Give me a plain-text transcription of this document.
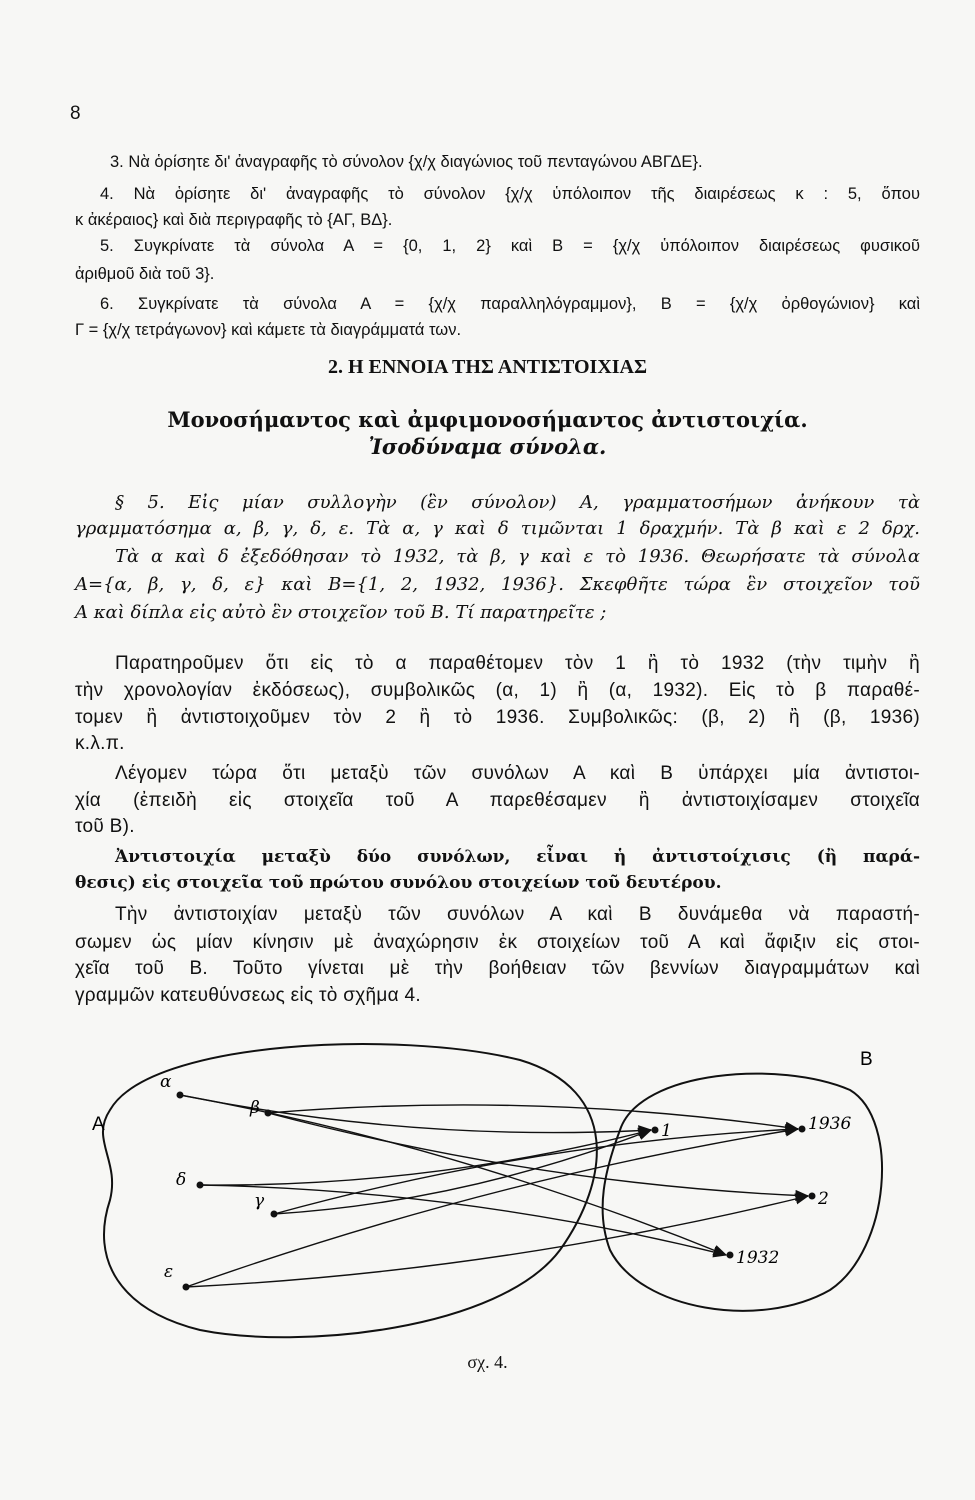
8
3. Νὰ ὁρίσητε δι' ἀναγραφῆς τὸ σύνολον {χ/χ διαγώνιος τοῦ πενταγώνου ΑΒΓΔΕ}.
4. Νὰ ὁρίσητε δι' ἀναγραφῆς τὸ σύνολον {χ/χ ὑπόλοιπον τῆς διαιρέσεως κ : 5, ὅπου
κ ἀκέραιος} καὶ διὰ περιγραφῆς τὸ {ΑΓ, ΒΔ}.
5. Συγκρίνατε τὰ σύνολα Α = {0, 1, 2} καὶ Β = {χ/χ ὑπόλοιπον διαιρέσεως φυσικοῦ
ἀριθμοῦ διὰ τοῦ 3}.
6. Συγκρίνατε τὰ σύνολα Α = {χ/χ παραλληλόγραμμον}, Β = {χ/χ ὀρθογώνιον} καὶ
Γ = {χ/χ τετράγωνον} καὶ κάμετε τὰ διαγράμματά των.
2. Η ΕΝΝΟΙΑ ΤΗΣ ΑΝΤΙΣΤΟΙΧΙΑΣ
Μονοσήμαντος καὶ ἀμφιμονοσήμαντος ἀντιστοιχία.
Ἰσοδύναμα σύνολα.
§ 5. Εἰς μίαν συλλογὴν (ἓν σύνολον) Α, γραμματοσήμων ἀνήκουν τὰ
γραμματόσημα α, β, γ, δ, ε. Τὰ α, γ καὶ δ τιμῶνται 1 δραχμήν. Τὰ β καὶ ε 2 δρχ.
Τὰ α καὶ δ ἐξεδόθησαν τὸ 1932, τὰ β, γ καὶ ε τὸ 1936. Θεωρήσατε τὰ σύνολα
Α={α, β, γ, δ, ε} καὶ Β={1, 2, 1932, 1936}. Σκεφθῆτε τώρα ἓν στοιχεῖον τοῦ
Α καὶ δίπλα εἰς αὐτὸ ἓν στοιχεῖον τοῦ Β. Τί παρατηρεῖτε ;
Παρατηροῦμεν ὅτι εἰς τὸ α παραθέτομεν τὸν 1 ἢ τὸ 1932 (τὴν τιμὴν ἢ
τὴν χρονολογίαν ἐκδόσεως), συμβολικῶς (α, 1) ἢ (α, 1932). Εἰς τὸ β παραθέ-
τομεν ἢ ἀντιστοιχοῦμεν τὸν 2 ἢ τὸ 1936. Συμβολικῶς: (β, 2) ἢ (β, 1936)
κ.λ.π.
Λέγομεν τώρα ὅτι μεταξὺ τῶν συνόλων Α καὶ Β ὑπάρχει μία ἀντιστοι-
χία (ἐπειδὴ εἰς στοιχεῖα τοῦ Α παρεθέσαμεν ἢ ἀντιστοιχίσαμεν στοιχεῖα
τοῦ Β).
Ἀντιστοιχία μεταξὺ δύο συνόλων, εἶναι ἡ ἀντιστοίχισις (ἢ παρά-
θεσις) εἰς στοιχεῖα τοῦ πρώτου συνόλου στοιχείων τοῦ δευτέρου.
Τὴν ἀντιστοιχίαν μεταξὺ τῶν συνόλων Α καὶ Β δυνάμεθα νὰ παραστή-
σωμεν ὡς μίαν κίνησιν μὲ ἀναχώρησιν ἐκ στοιχείων τοῦ Α καὶ ἄφιξιν εἰς στοι-
χεῖα τοῦ Β. Τοῦτο γίνεται μὲ τὴν βοήθειαν τῶν βεννίων διαγραμμάτων καὶ
γραμμῶν κατευθύνσεως εἰς τὸ σχῆμα 4.
α
β
γ
δ
ε
1
2
1932
1936
A
B
σχ. 4.
